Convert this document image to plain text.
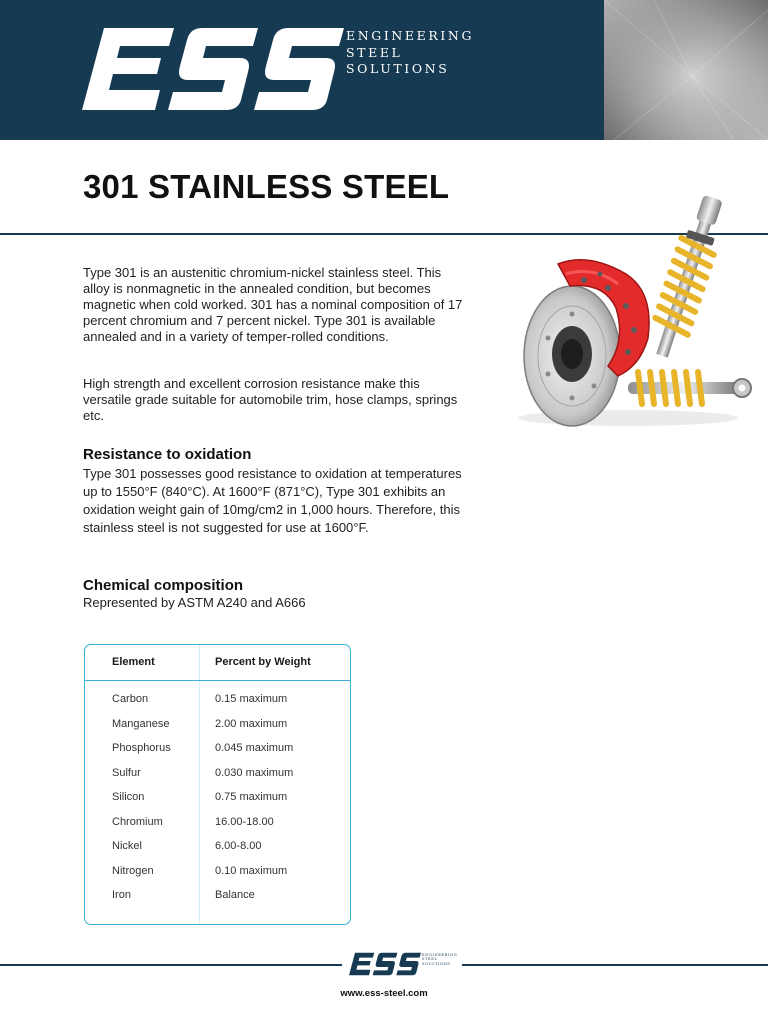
ESS	ENGINEERING
STEEL
SOLUTIONS
301 STAINLESS STEEL

Type 301 is an austenitic chromium-nickel stainless steel. This alloy is nonmagnetic in the annealed condition, but becomes magnetic when cold worked. 301 has a nominal composition of 17 percent chromium and 7 percent nickel. Type 301 is available annealed and in a variety of temper-rolled conditions.

High strength and excellent corrosion resistance make this versatile grade suitable for automobile trim, hose clamps, springs etc.

Resistance to oxidation

Type 301 possesses good resistance to oxidation at temperatures up to 1550°F (840°C). At 1600°F (871°C), Type 301 exhibits an oxidation weight gain of 10mg/cm2 in 1,000 hours. Therefore, this stainless steel is not suggested for use at 1600°F.

Chemical composition
Represented by ASTM A240 and A666
Element	Percent by Weight
Carbon	0.15 maximum
Manganese	2.00 maximum
Phosphorus	0.045 maximum
Sulfur	0.030 maximum
Silicon	0.75 maximum
Chromium	16.00-18.00
Nickel	6.00-8.00
Nitrogen	0.10 maximum
Iron	Balance
ENGINEERING
STEEL
SOLUTIONS
www.ess-steel.com
